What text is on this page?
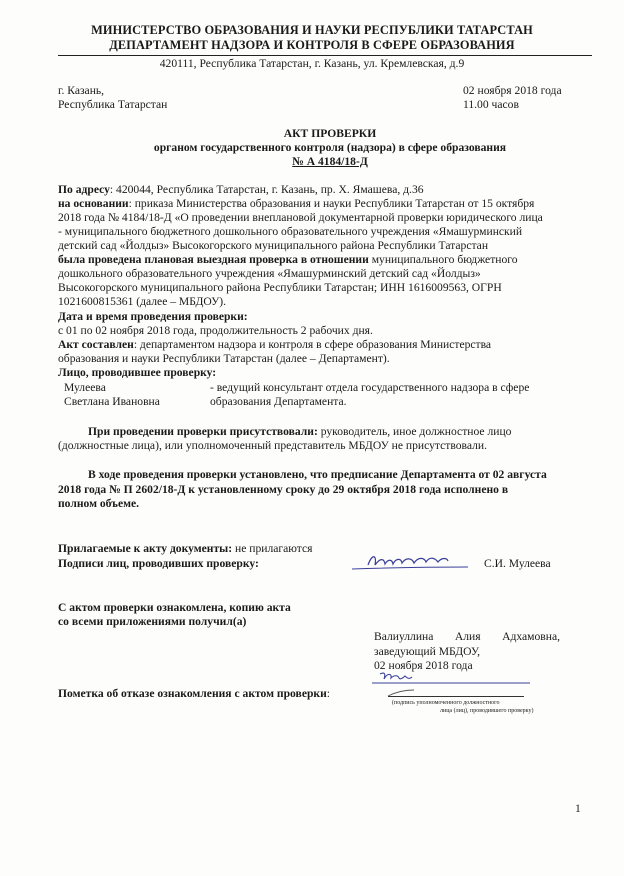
МИНИСТЕРСТВО ОБРАЗОВАНИЯ И НАУКИ РЕСПУБЛИКИ ТАТАРСТАН
ДЕПАРТАМЕНТ НАДЗОРА И КОНТРОЛЯ В СФЕРЕ ОБРАЗОВАНИЯ
420111, Республика Татарстан, г. Казань, ул. Кремлевская, д.9
г. Казань,
Республика Татарстан
02 ноября 2018 года
11.00 часов
АКТ ПРОВЕРКИ
органом государственного контроля (надзора) в сфере образования
№ А 4184/18-Д
По адресу: 420044, Республика Татарстан, г. Казань, пр. Х. Ямашева, д.36
на основании: приказа Министерства образования и науки Республики Татарстан от 15 октября
2018 года № 4184/18-Д «О проведении внеплановой документарной проверки юридического лица
- муниципального бюджетного дошкольного образовательного учреждения «Ямашурминский
детский сад «Йолдыз» Высокогорского муниципального района Республики Татарстан
была проведена плановая выездная проверка в отношении муниципального бюджетного
дошкольного образовательного учреждения «Ямашурминский детский сад «Йолдыз»
Высокогорского муниципального района Республики Татарстан; ИНН 1616009563, ОГРН
1021600815361 (далее – МБДОУ).
Дата и время проведения проверки:
с 01 по 02 ноября 2018 года, продолжительность 2 рабочих дня.
Акт составлен: департаментом надзора и контроля в сфере образования Министерства
образования и науки Республики Татарстан (далее – Департамент).
Лицо, проводившее проверку:
Мулеева
Светлана Ивановна
- ведущий консультант отдела государственного надзора в сфере
образования Департамента.
При проведении проверки присутствовали: руководитель, иное должностное лицо
(должностные лица), или уполномоченный представитель МБДОУ не присутствовали.
В ходе проведения проверки установлено, что предписание Департамента от 02 августа
2018 года № П 2602/18-Д к установленному сроку до 29 октября 2018 года исполнено в
полном объеме.
Прилагаемые к акту документы: не прилагаются
Подписи лиц, проводивших проверку:	С.И. Мулеева
С актом проверки ознакомлена, копию акта
со всеми приложениями получил(а)
Валиуллина Алия Адхамовна,
заведующий МБДОУ,
02 ноября 2018 года
Пометка об отказе ознакомления с актом проверки:
(подпись уполномоченного должностного
лица (лиц), проводившего проверку)
1
